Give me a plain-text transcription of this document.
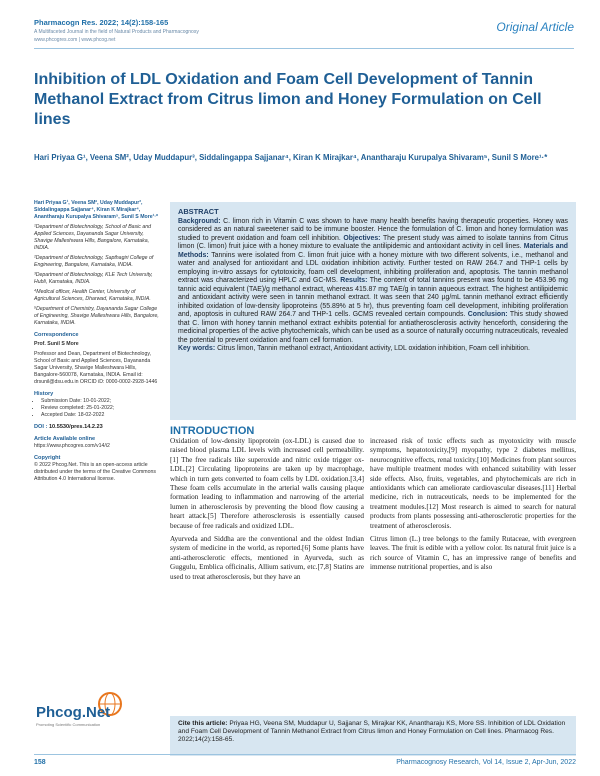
Pharmacogn Res. 2022; 14(2):158-165
A Multifaceted Journal in the field of Natural Products and Pharmacognosy
www.phcogres.com | www.phcog.net
Original Article
Inhibition of LDL Oxidation and Foam Cell Development of Tannin Methanol Extract from Citrus limon and Honey Formulation on Cell lines
Hari Priyaa G¹, Veena SM², Uday Muddapur³, Siddalingappa Sajjanar⁴, Kiran K Mirajkar⁴, Anantharaju Kurupalya Shivaram⁵, Sunil S More¹·*

Hari Priyaa G¹, Veena SM², Uday Muddapur³, Siddalingappa Sajjanar⁴, Kiran K Mirajkar⁴, Anantharaju Kurupalya Shivaram⁵, Sunil S More¹·*

¹Department of Biotechnology, School of Basic and Applied Sciences, Dayananda Sagar University, Shavige Malleshwara Hills, Bangalore, Karnataka, INDIA.

²Department of Biotechnology, Sapthagiri College of Engineering, Bangalore, Karnataka, INDIA.

³Department of Biotechnology, KLE Tech University, Hubli, Karnataka, INDIA.

⁴Medical officer, Health Center, University of Agricultural Sciences, Dharwad, Karnataka, INDIA.

⁵Department of Chemistry, Dayananda Sagar College of Engineering, Shavige Malleshwara Hills, Bangalore, Karnataka, INDIA.

Correspondence

Prof. Sunil S More

Professor and Dean, Department of Biotechnology, School of Basic and Applied Sciences, Dayananda Sagar University, Shavige Malleshwara Hills, Bangalore-560078, Karnataka, INDIA. Email id: drsunil@dsu.edu.in ORCID iD: 0000-0002-2928-1446

History
• Submission Date: 10-01-2022;
• Review completed: 25-01-2022;
• Accepted Date: 18-02-2022
DOI : 10.5530/pres.14.2.23
Article Available online

https://www.phcogres.com/v14/i2

Copyright

© 2022 Phcog.Net. This is an open-access article distributed under the terms of the Creative Commons Attribution 4.0 International license.

Phcog.Net
Promoting Scientific Communication
ABSTRACT
Background: C. limon rich in Vitamin C was shown to have many health benefits having therapeutic properties. Honey was considered as an natural sweetener said to be immune booster. Hence the formulation of C. limon and honey formulation was studied to prevent oxidation and foam cell inhibition. Objectives: The present study was aimed to isolate tannins from Citrus limon (C. limon) fruit juice with a honey mixture to evaluate the antilipidemic and antioxidant activity in cell lines. Materials and Methods: Tannins were isolated from C. limon fruit juice with a honey mixture with two different solvents, i.e., methanol and water and analysed for antioxidant and LDL oxidation inhibition activity. Further tested on RAW 264.7 and THP-1 cells by employing in-vitro assays for cytotoxicity, foam cell development, inhibiting proliferation and, apoptosis. The tannin methanol extract was characterized using HPLC and GC-MS. Results: The content of total tannins present was found to be 453.96 mg tannic acid equivalent (TAE)/g methanol extract, whereas 415.87 mg TAE/g in tannin aqueous extract. The highest antilipidemic and antioxidant activity were seen in tannin methanol extract. It was seen that 240 µg/mL tannin methanol extract efficiently inhibited oxidation of low-density lipoproteins (55.89% at 5 hr), thus preventing foam cell development, inhibiting proliferation and, apoptosis in cultured RAW 264.7 and THP-1 cells. GCMS revealed certain compounds. Conclusion: This study showed that C. limon with honey tannin methanol extract exhibits potential for antiatherosclerosis activity henceforth, considering the medicinal properties of the active phytochemicals, which can be used as a source of naturally occurring nutraceuticals, revealed the potential to prevent oxidation and foam cell formation.
Key words: Citrus limon, Tannin methanol extract, Antioxidant activity, LDL oxidation inhibition, Foam cell inhibition.
INTRODUCTION

Oxidation of low-density lipoprotein (ox-LDL) is caused due to raised blood plasma LDL levels with increased cell permeability.[1] The free radicals like superoxide and nitric oxide trigger ox-LDL.[2] Circulating lipoproteins are taken up by macrophage, which in turn gets converted to foam cells by LDL oxidation.[3,4] These foam cells accumulate in the arterial walls causing plaque formation leading to inflammation and narrowing of the arterial lumen in atherosclerosis by preventing the blood flow causing a heart attack.[5] Therefore atherosclerosis is essentially caused because of free radicals and oxidized LDL.

Ayurveda and Siddha are the conventional and the oldest Indian system of medicine in the world, as reported.[6] Some plants have anti-atherosclerotic effects, mentioned in Ayurveda, such as Guggulu, Emblica officinalis, Allium sativum, etc.[7,8] Statins are used to treat atherosclerosis, but they have an

increased risk of toxic effects such as myotoxicity with muscle symptoms, hepatotoxicity,[9] myopathy, type 2 diabetes mellitus, neurocognitive effects, renal toxicity.[10] Medicines from plant sources have multiple treatment modes with enhanced suitability with lesser side effects. Also, fruits, vegetables, and phytochemicals are rich in antioxidants which can ameliorate cardiovascular diseases.[11] Herbal medicine, rich in nutraceuticals, needs to be implemented for the treatment modules.[12] Most research is aimed to search for natural products from plants possessing anti-atherosclerotic properties for the treatment of atherosclerosis.

Citrus limon (L.) tree belongs to the family Rutaceae, with evergreen leaves. The fruit is edible with a yellow color. Its natural fruit juice is a rich source of Vitamin C, has an impressive range of benefits and immense nutritional properties, and is also

Cite this article: Priyaa HG, Veena SM, Muddapur U, Sajjanar S, Mirajkar KK, Anantharaju KS, More SS. Inhibition of LDL Oxidation and Foam Cell Development of Tannin Methanol Extract from Citrus limon and Honey Formulation on Cell lines. Pharmacog Res. 2022;14(2):158-65.
158	Pharmacognosy Research, Vol 14, Issue 2, Apr-Jun, 2022
